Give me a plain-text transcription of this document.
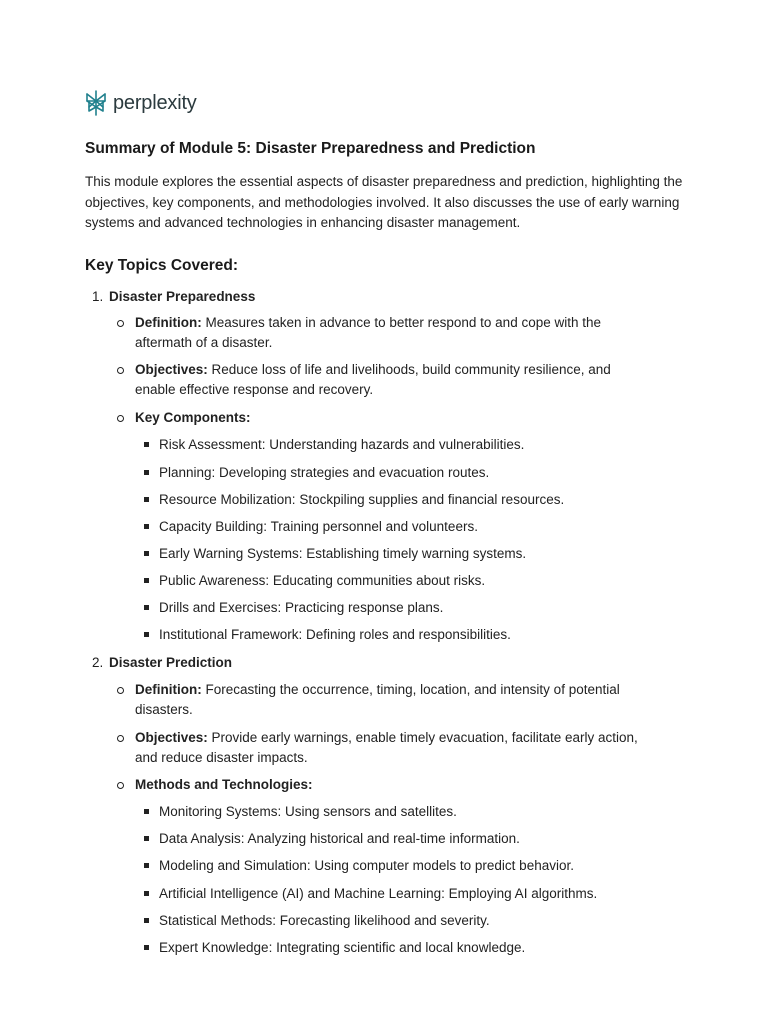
perplexity
Summary of Module 5: Disaster Preparedness and Prediction

This module explores the essential aspects of disaster preparedness and prediction, highlighting the objectives, key components, and methodologies involved. It also discusses the use of early warning systems and advanced technologies in enhancing disaster management.

Key Topics Covered:
1. Disaster Preparedness
Definition: Measures taken in advance to better respond to and cope with the aftermath of a disaster.
Objectives: Reduce loss of life and livelihoods, build community resilience, and enable effective response and recovery.
Key Components:
Risk Assessment: Understanding hazards and vulnerabilities.
Planning: Developing strategies and evacuation routes.
Resource Mobilization: Stockpiling supplies and financial resources.
Capacity Building: Training personnel and volunteers.
Early Warning Systems: Establishing timely warning systems.
Public Awareness: Educating communities about risks.
Drills and Exercises: Practicing response plans.
Institutional Framework: Defining roles and responsibilities.
2. Disaster Prediction
Definition: Forecasting the occurrence, timing, location, and intensity of potential disasters.
Objectives: Provide early warnings, enable timely evacuation, facilitate early action, and reduce disaster impacts.
Methods and Technologies:
Monitoring Systems: Using sensors and satellites.
Data Analysis: Analyzing historical and real-time information.
Modeling and Simulation: Using computer models to predict behavior.
Artificial Intelligence (AI) and Machine Learning: Employing AI algorithms.
Statistical Methods: Forecasting likelihood and severity.
Expert Knowledge: Integrating scientific and local knowledge.
